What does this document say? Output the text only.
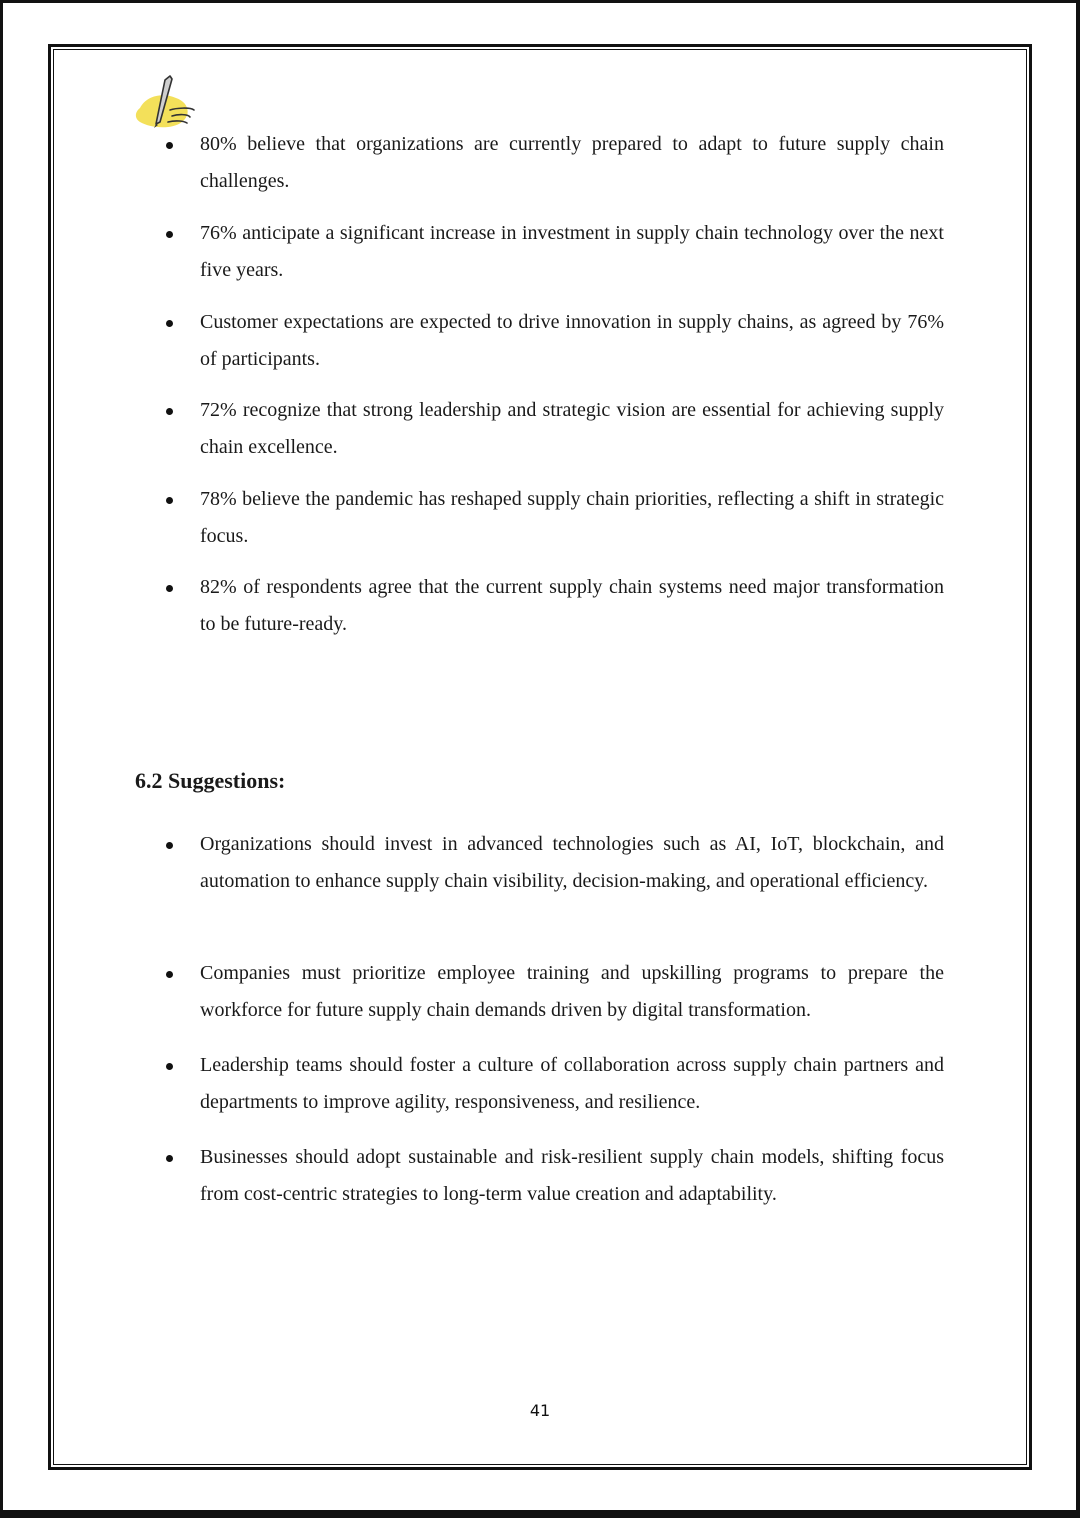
80% believe that organizations are currently prepared to adapt to future supply chain challenges.

76% anticipate a significant increase in investment in supply chain technology over the next five years.

Customer expectations are expected to drive innovation in supply chains, as agreed by 76% of participants.

72% recognize that strong leadership and strategic vision are essential for achieving supply chain excellence.

78% believe the pandemic has reshaped supply chain priorities, reflecting a shift in strategic focus.

82% of respondents agree that the current supply chain systems need major transformation to be future-ready.

6.2 Suggestions:

Organizations should invest in advanced technologies such as AI, IoT, blockchain, and automation to enhance supply chain visibility, decision-making, and operational efficiency.

Companies must prioritize employee training and upskilling programs to prepare the workforce for future supply chain demands driven by digital transformation.

Leadership teams should foster a culture of collaboration across supply chain partners and departments to improve agility, responsiveness, and resilience.

Businesses should adopt sustainable and risk-resilient supply chain models, shifting focus from cost-centric strategies to long-term value creation and adaptability.

41
